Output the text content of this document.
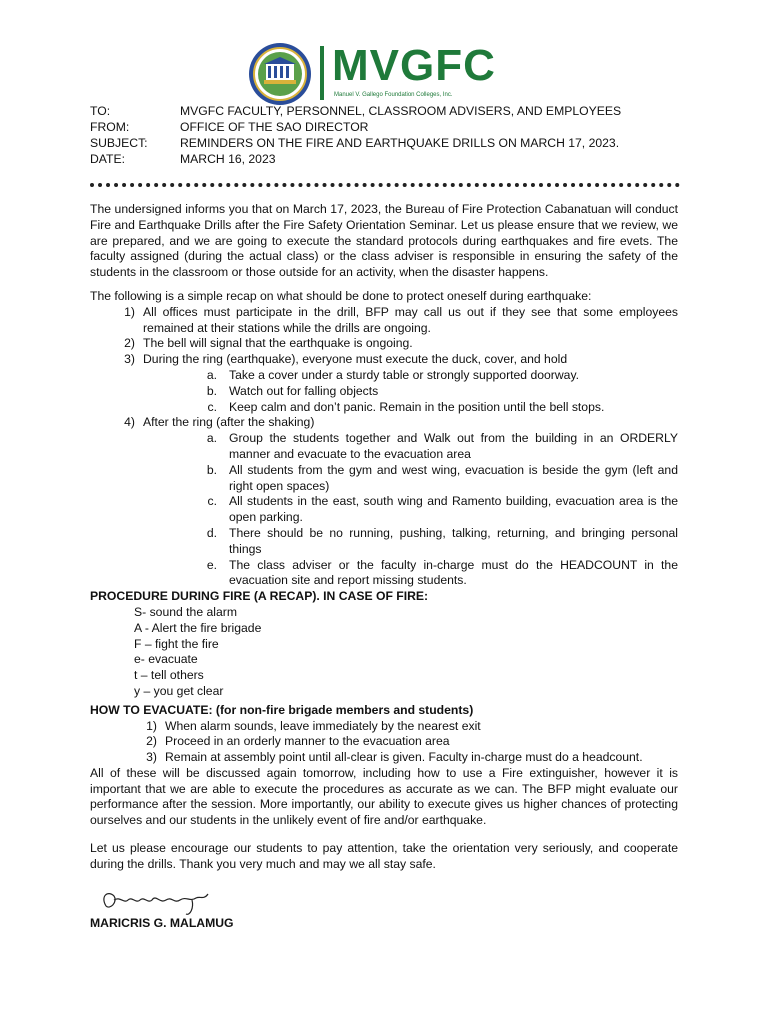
MVGFC
Manuel V. Gallego Foundation Colleges, Inc.
TO:	MVGFC FACULTY, PERSONNEL, CLASSROOM ADVISERS, AND EMPLOYEES
FROM:	OFFICE OF THE SAO DIRECTOR
SUBJECT:	REMINDERS ON THE FIRE AND EARTHQUAKE DRILLS ON MARCH 17, 2023.
DATE:	MARCH 16, 2023

The undersigned informs you that on March 17, 2023, the Bureau of Fire Protection Cabanatuan will conduct Fire and Earthquake Drills after the Fire Safety Orientation Seminar. Let us please ensure that we review, we are prepared, and we are going to execute the standard protocols during earthquakes and fire evets. The faculty assigned (during the actual class) or the class adviser is responsible in ensuring the safety of the students in the classroom or those outside for an activity, when the disaster happens.

The following is a simple recap on what should be done to protect oneself during earthquake:

1) All offices must participate in the drill, BFP may call us out if they see that some employees remained at their stations while the drills are ongoing.
2) The bell will signal that the earthquake is ongoing.
3) During the ring (earthquake), everyone must execute the duck, cover, and hold
a. Take a cover under a sturdy table or strongly supported doorway.
b. Watch out for falling objects
c. Keep calm and don’t panic. Remain in the position until the bell stops.
4) After the ring (after the shaking)
a. Group the students together and Walk out from the building in an ORDERLY manner and evacuate to the evacuation area
b. All students from the gym and west wing, evacuation is beside the gym (left and right open spaces)
c. All students in the east, south wing and Ramento building, evacuation area is the open parking.
d. There should be no running, pushing, talking, returning, and bringing personal things
e. The class adviser or the faculty in-charge must do the HEADCOUNT in the evacuation site and report missing students.
PROCEDURE DURING FIRE (A RECAP). IN CASE OF FIRE:
S- sound the alarm
A - Alert the fire brigade
F – fight the fire
e- evacuate
t – tell others
y – you get clear
HOW TO EVACUATE: (for non-fire brigade members and students)
1) When alarm sounds, leave immediately by the nearest exit
2) Proceed in an orderly manner to the evacuation area
3) Remain at assembly point until all-clear is given. Faculty in-charge must do a headcount.

All of these will be discussed again tomorrow, including how to use a Fire extinguisher, however it is important that we are able to execute the procedures as accurate as we can. The BFP might evaluate our performance after the session. More importantly, our ability to execute gives us higher chances of protecting ourselves and our students in the unlikely event of fire and/or earthquake.

Let us please encourage our students to pay attention, take the orientation very seriously, and cooperate during the drills. Thank you very much and may we all stay safe.

MARICRIS G. MALAMUG
